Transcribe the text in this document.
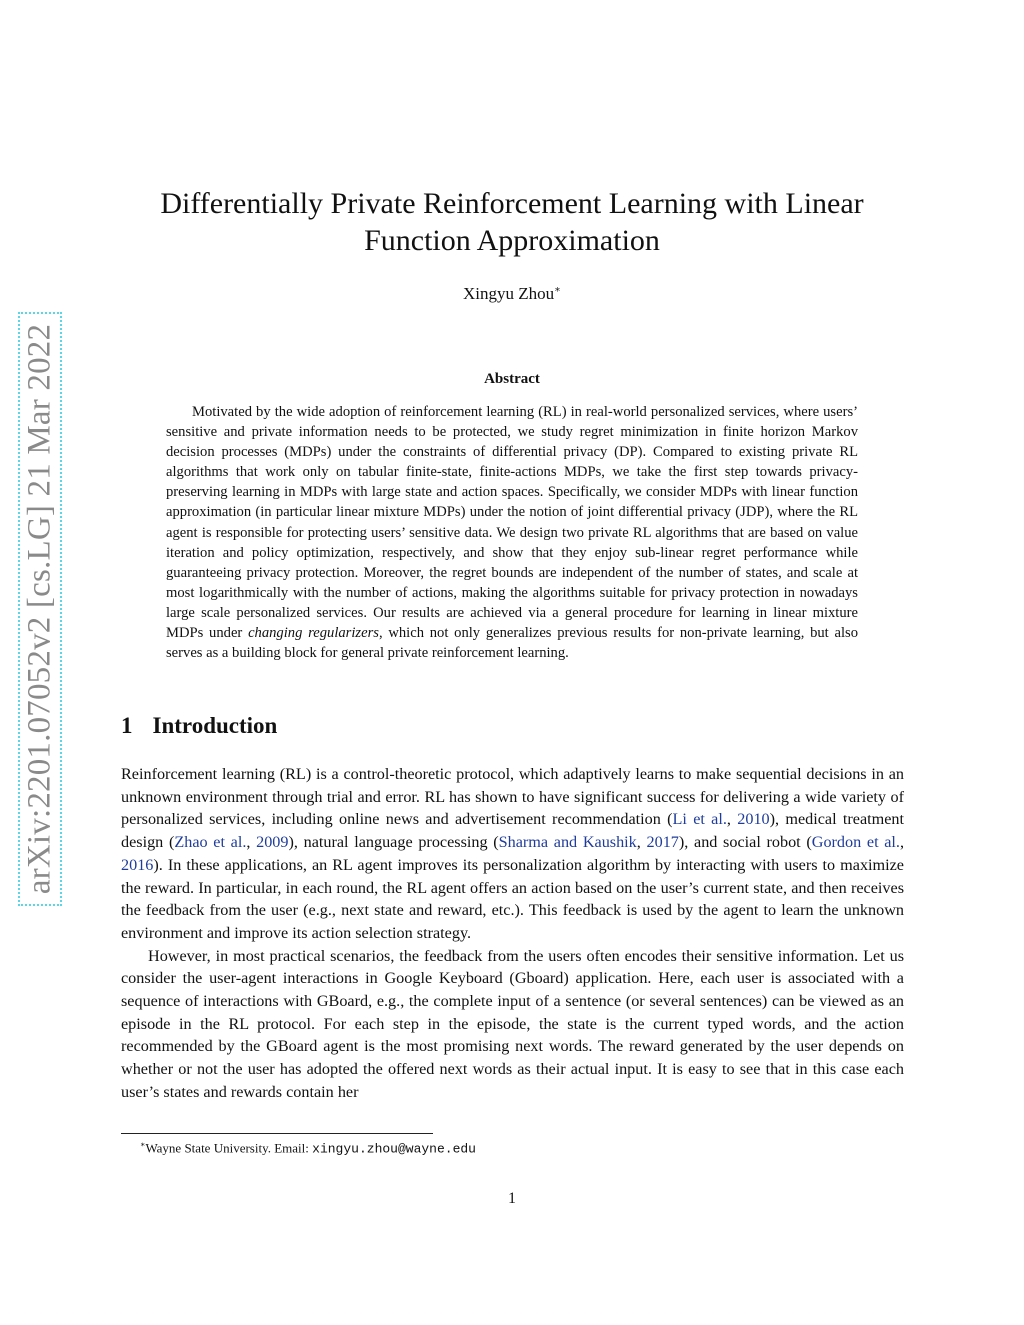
arXiv:2201.07052v2 [cs.LG] 21 Mar 2022
Differentially Private Reinforcement Learning with Linear Function Approximation
Xingyu Zhou∗
Abstract

Motivated by the wide adoption of reinforcement learning (RL) in real-world personalized services, where users’ sensitive and private information needs to be protected, we study regret minimization in finite horizon Markov decision processes (MDPs) under the constraints of differential privacy (DP). Compared to existing private RL algorithms that work only on tabular finite-state, finite-actions MDPs, we take the first step towards privacy-preserving learning in MDPs with large state and action spaces. Specifically, we consider MDPs with linear function approximation (in particular linear mixture MDPs) under the notion of joint differential privacy (JDP), where the RL agent is responsible for protecting users’ sensitive data. We design two private RL algorithms that are based on value iteration and policy optimization, respectively, and show that they enjoy sub-linear regret performance while guaranteeing privacy protection. Moreover, the regret bounds are independent of the number of states, and scale at most logarithmically with the number of actions, making the algorithms suitable for privacy protection in nowadays large scale personalized services. Our results are achieved via a general procedure for learning in linear mixture MDPs under changing regularizers, which not only generalizes previous results for non-private learning, but also serves as a building block for general private reinforcement learning.

1 Introduction

Reinforcement learning (RL) is a control-theoretic protocol, which adaptively learns to make sequential decisions in an unknown environment through trial and error. RL has shown to have significant success for delivering a wide variety of personalized services, including online news and advertisement recommendation (Li et al., 2010), medical treatment design (Zhao et al., 2009), natural language processing (Sharma and Kaushik, 2017), and social robot (Gordon et al., 2016). In these applications, an RL agent improves its personalization algorithm by interacting with users to maximize the reward. In particular, in each round, the RL agent offers an action based on the user’s current state, and then receives the feedback from the user (e.g., next state and reward, etc.). This feedback is used by the agent to learn the unknown environment and improve its action selection strategy.

However, in most practical scenarios, the feedback from the users often encodes their sensitive information. Let us consider the user-agent interactions in Google Keyboard (Gboard) application. Here, each user is associated with a sequence of interactions with GBoard, e.g., the complete input of a sentence (or several sentences) can be viewed as an episode in the RL protocol. For each step in the episode, the state is the current typed words, and the action recommended by the GBoard agent is the most promising next words. The reward generated by the user depends on whether or not the user has adopted the offered next words as their actual input. It is easy to see that in this case each user’s states and rewards contain her

∗Wayne State University. Email: xingyu.zhou@wayne.edu
1
